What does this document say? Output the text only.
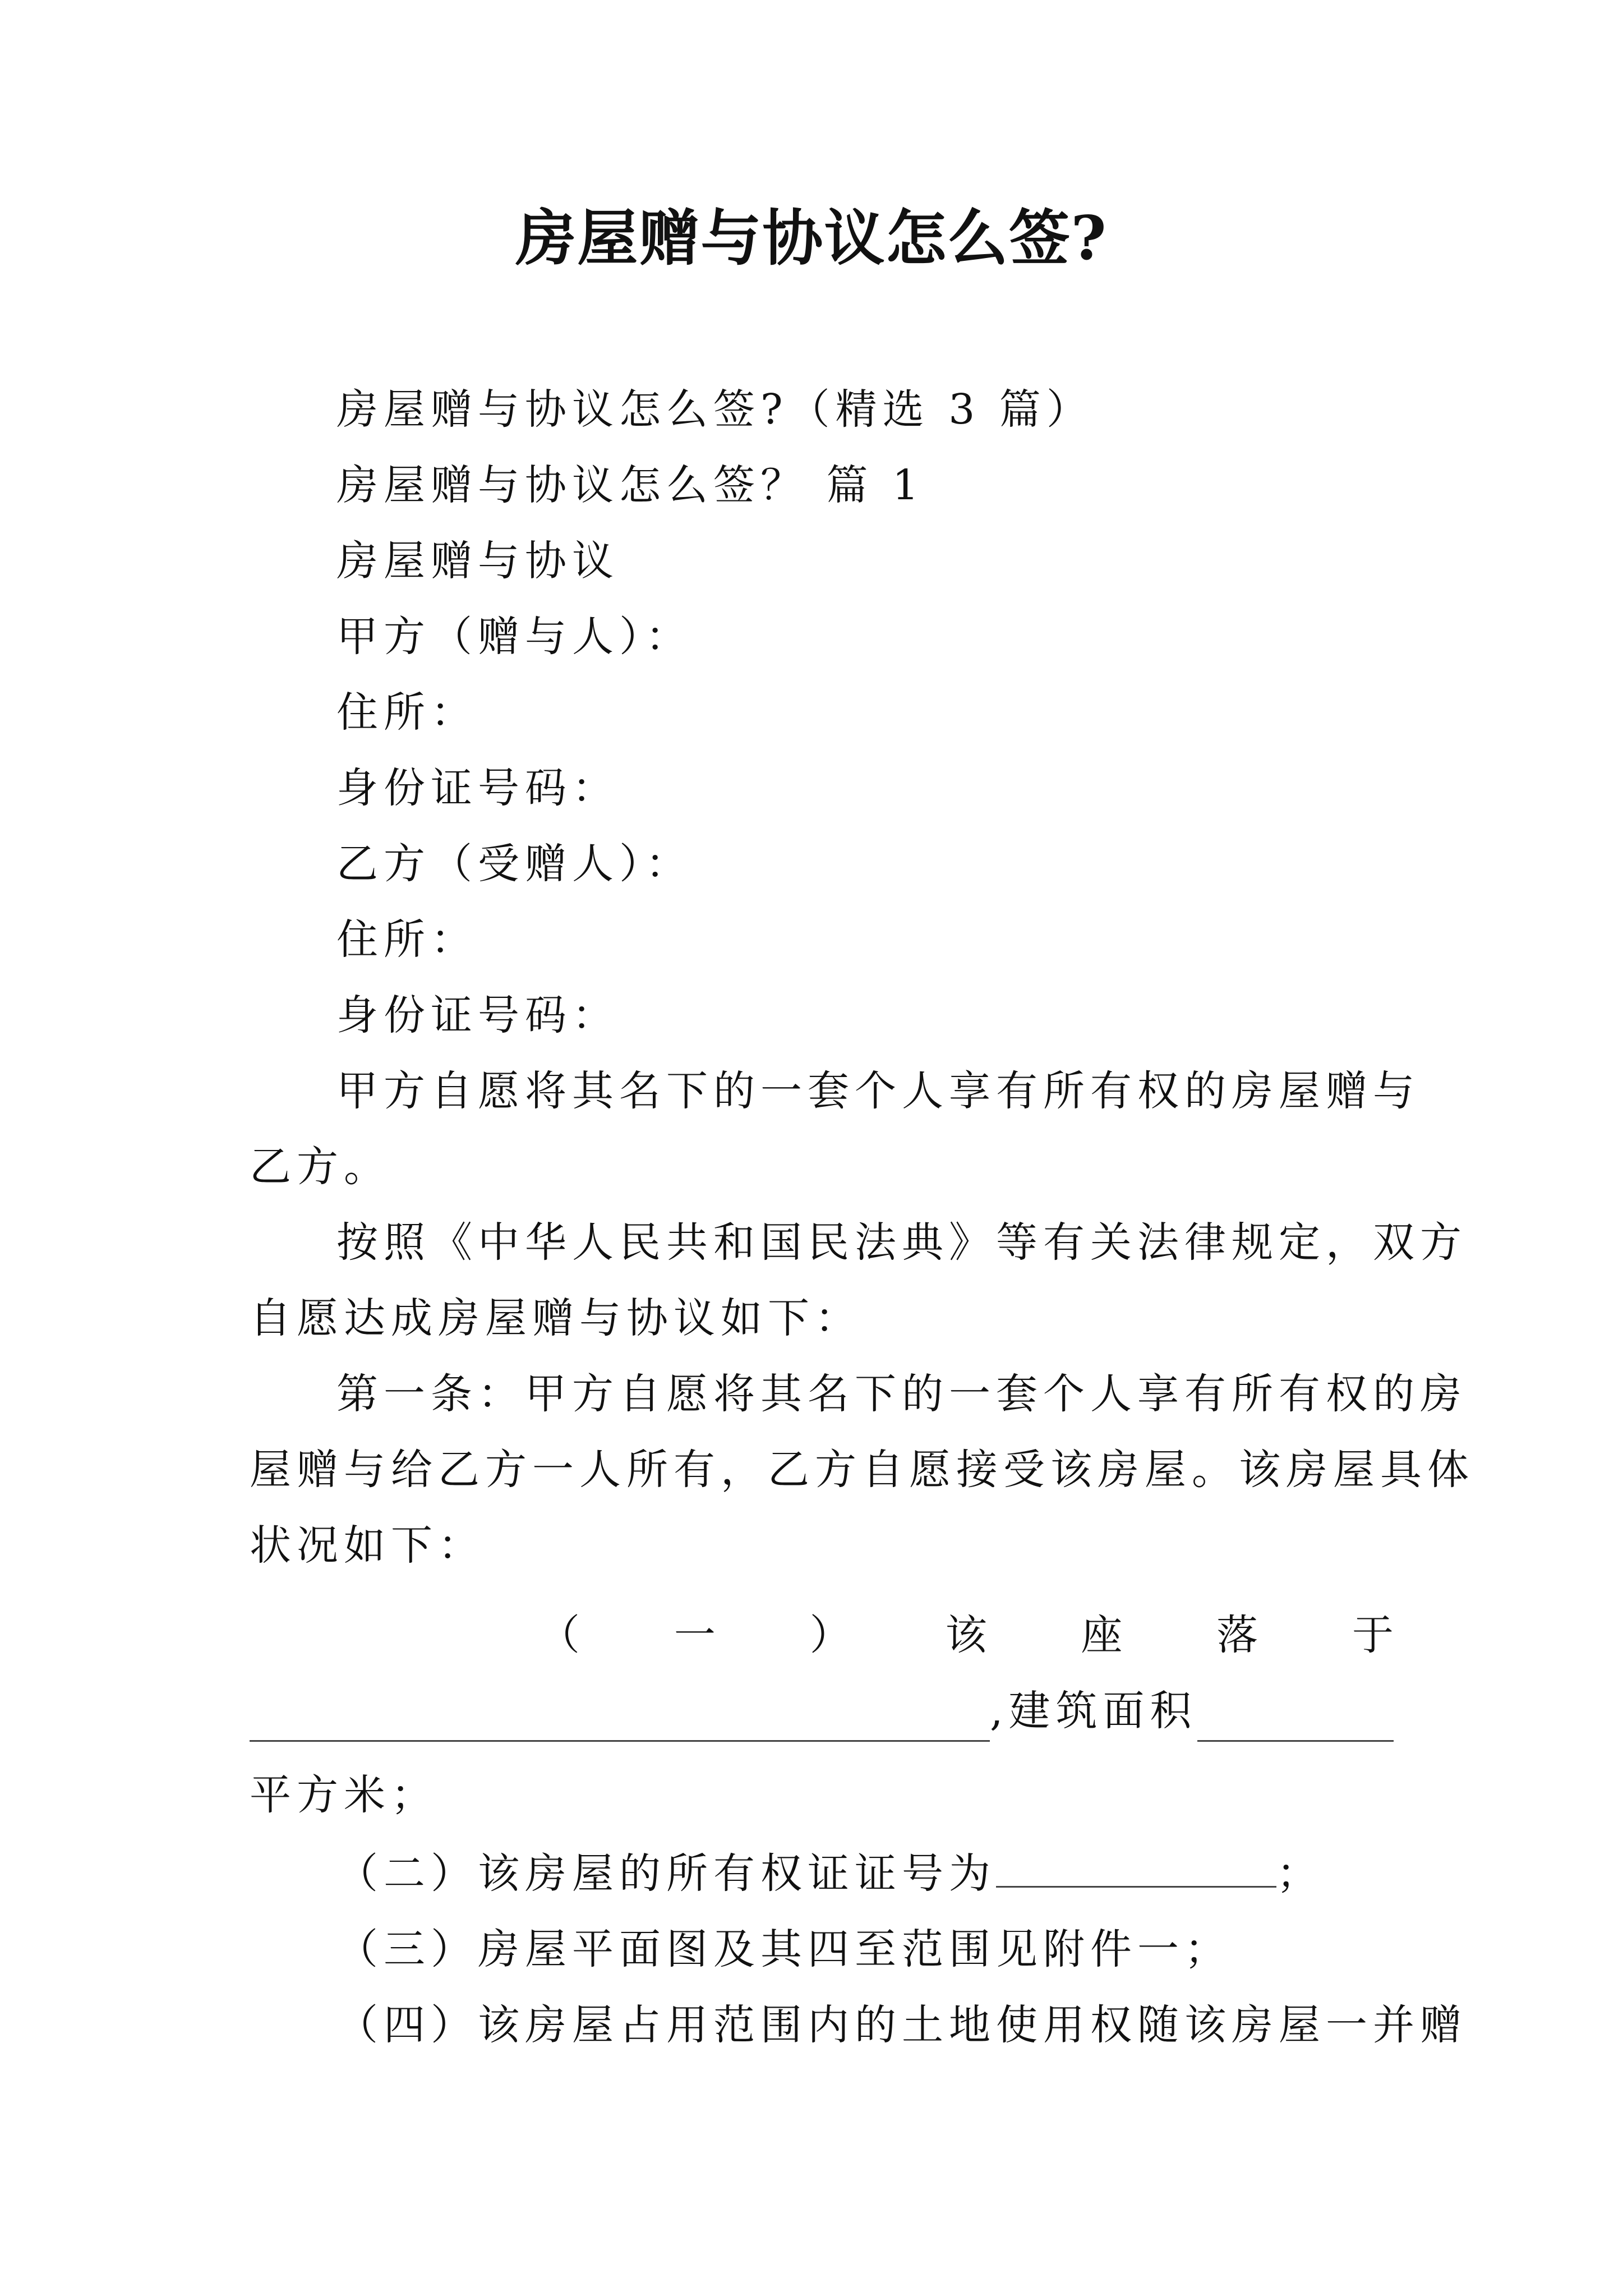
房屋赠与协议怎么签?
房屋赠与协议怎么签?（精选 3 篇）
房屋赠与协议怎么签？ 篇 1
房屋赠与协议
甲方（赠与人）：
住所：
身份证号码：
乙方（受赠人）：
住所：
身份证号码：
甲方自愿将其名下的一套个人享有所有权的房屋赠与
乙方。
按照《中华人民共和国民法典》等有关法律规定，双方
自愿达成房屋赠与协议如下：
第一条：甲方自愿将其名下的一套个人享有所有权的房
屋赠与给乙方一人所有，乙方自愿接受该房屋。该房屋具体
状况如下：
（ 一 ） 该 座 落 于
,建筑面积
平方米；
（二）该房屋的所有权证证号为	；
（三）房屋平面图及其四至范围见附件一；
（四）该房屋占用范围内的土地使用权随该房屋一并赠
